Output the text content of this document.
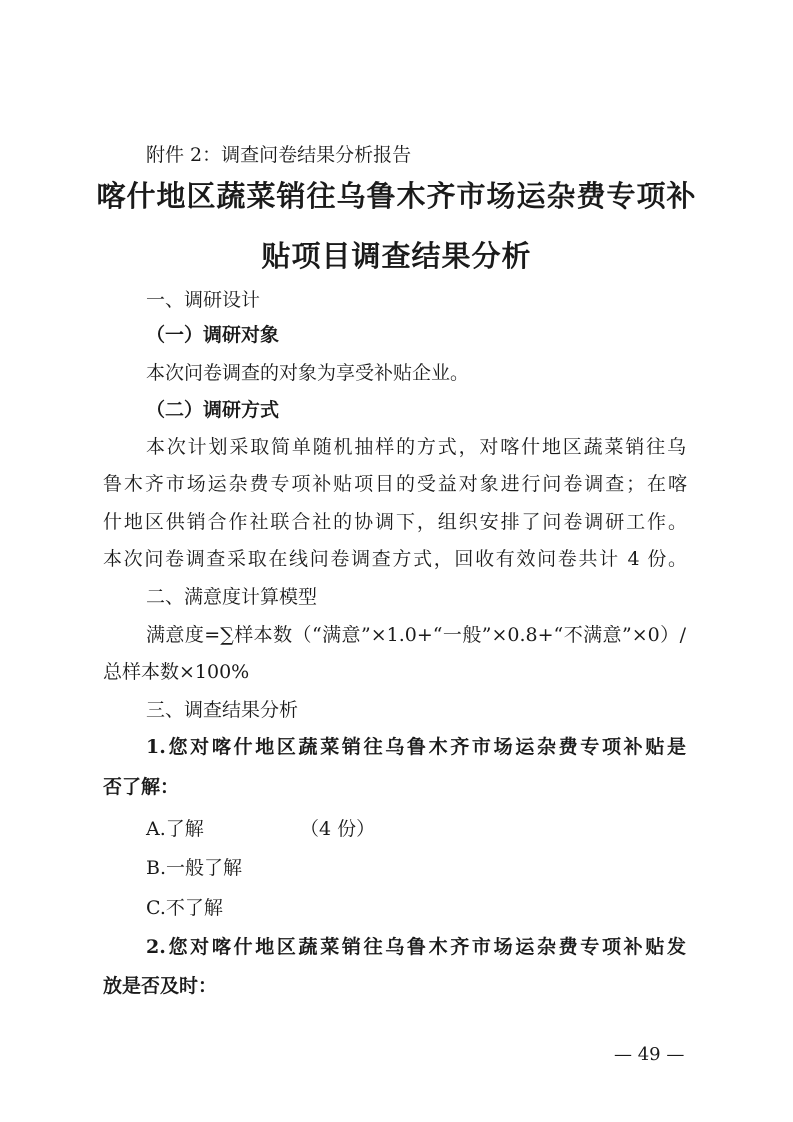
附件 2：调查问卷结果分析报告
喀什地区蔬菜销往乌鲁木齐市场运杂费专项补
贴项目调查结果分析
一、调研设计
（一）调研对象
本次问卷调查的对象为享受补贴企业。
（二）调研方式
本次计划采取简单随机抽样的方式，对喀什地区蔬菜销往乌
鲁木齐市场运杂费专项补贴项目的受益对象进行问卷调查；在喀
什地区供销合作社联合社的协调下，组织安排了问卷调研工作。
本次问卷调查采取在线问卷调查方式，回收有效问卷共计 4 份。
二、满意度计算模型
满意度=∑样本数（“满意”×1.0+“一般”×0.8+“不满意”×0）/
总样本数×100%
三、调查结果分析
1.您对喀什地区蔬菜销往乌鲁木齐市场运杂费专项补贴是
否了解：
A.了解	（4 份）
B.一般了解
C.不了解
2.您对喀什地区蔬菜销往乌鲁木齐市场运杂费专项补贴发
放是否及时：
— 49 —
